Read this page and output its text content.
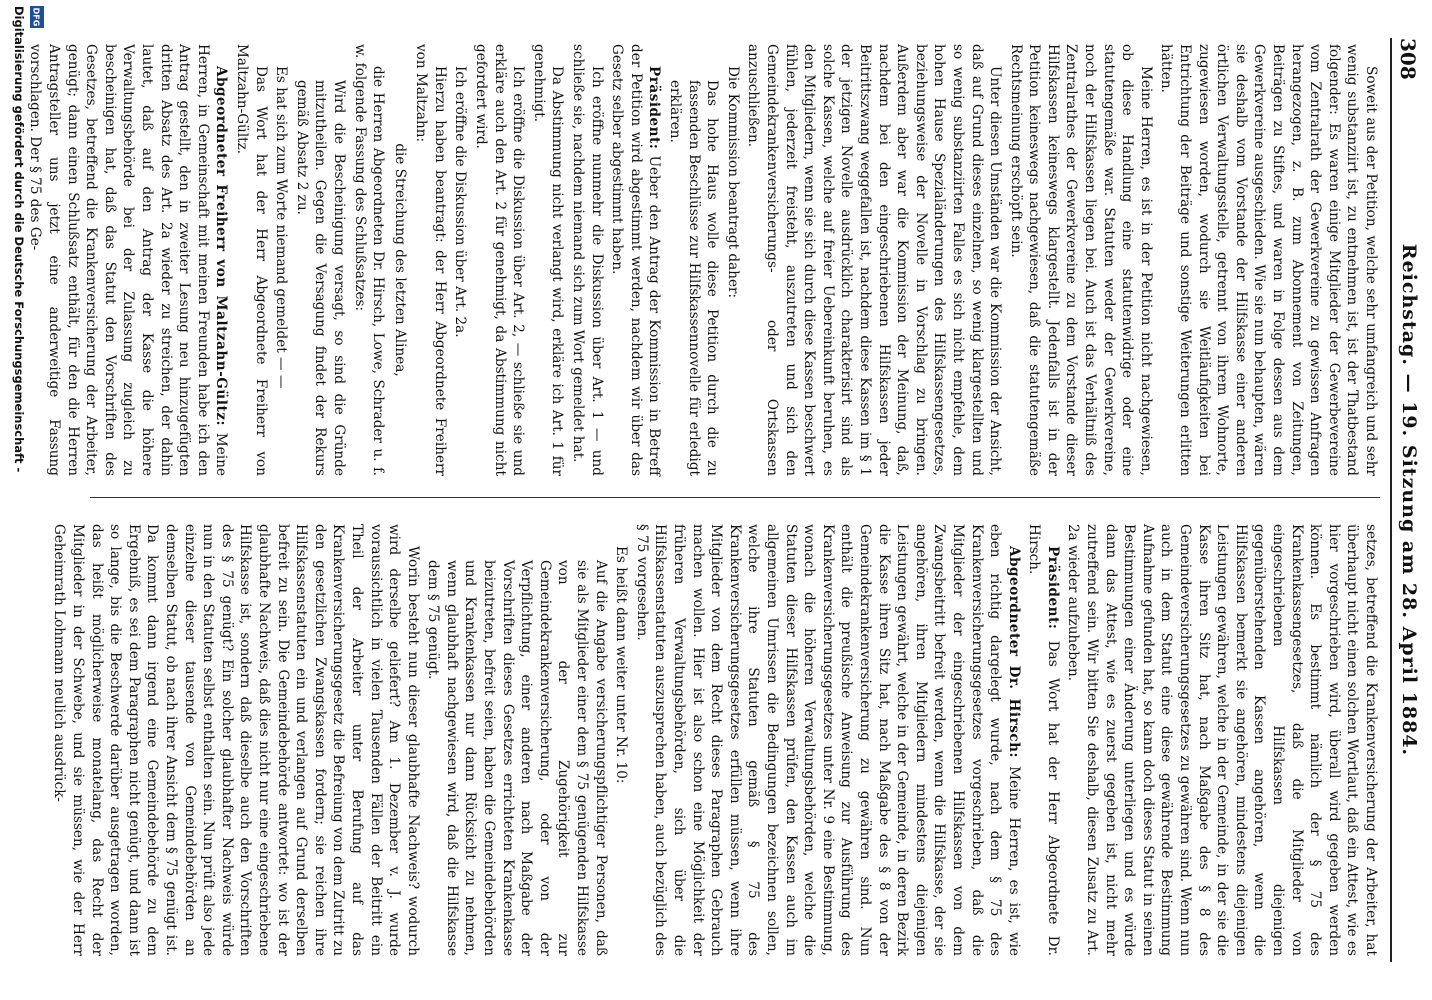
308
Reichstag. — 19. Sitzung am 28. April 1884.

Soweit aus der Petition, welche sehr umfangreich und sehr wenig substanziirt ist, zu entnehmen ist, ist der Thatbestand folgender: Es waren einige Mitglieder der Gewerbevereine vom Zentralrath der Gewerkvereine zu gewissen Anfragen herangezogen, z. B. zum Abonnement von Zeitungen, Beiträgen zu Stiftes, und waren in Folge dessen aus dem Gewerkvereine ausgeschieden. Wie sie nun behaupten, wären sie deshalb vom Vorstande der Hilfskasse einer anderen örtlichen Verwaltungsstelle, getrennt von ihrem Wohnorte, zugewiesen worden, wodurch sie Weitläufigkeiten bei Entrichtung der Beiträge und sonstige Weiterungen erlitten hätten.

Meine Herren, es ist in der Petition nicht nachgewiesen, ob diese Handlung eine statutenwidrige oder eine statutengemäße war. Statuten weder der Gewerkvereine, noch der Hilfskassen liegen bei. Auch ist das Verhältniß des Zentralrathes der Gewerkvereine zu dem Vorstande dieser Hilfskassen keineswegs klargestellt. Jedenfalls ist in der Petition keineswegs nachgewiesen, daß die statutengemäße Rechtsmeinung erschöpft sein.

Unter diesen Umständen war die Kommission der Ansicht, daß auf Grund dieses einzelnen, so wenig klargestellten und so wenig substanziirten Falles es sich nicht empfehle, dem hohen Hause Spezialänderungen des Hilfskassengesetzes, beziehungsweise der Novelle in Vorschlag zu bringen. Außerdem aber war die Kommission der Meinung, daß, nachdem bei den eingeschriebenen Hilfskassen jeder Beitrittszwang weggefallen ist, nachdem diese Kassen im § 1 der jetzigen Novelle ausdrücklich charakterisirt sind als solche Kassen, welche auf freier Uebereinkunft beruhen, es den Mitgliedern, wenn sie sich durch diese Kassen beschwert fühlen, jederzeit freisteht, auszutreten und sich den Gemeindekrankenversicherungs- oder Ortskassen anzuschließen.

Die Kommission beantragt daher:

Das hohe Haus wolle diese Petition durch die zu fassenden Beschlüsse zur Hilfskassennovelle für erledigt erklären.

Präsident: Ueber den Antrag der Kommission in Betreff der Petition wird abgestimmt werden, nachdem wir über das Gesetz selber abgestimmt haben.

Ich eröffne nunmehr die Diskussion über Art. 1 — und schließe sie, nachdem niemand sich zum Wort gemeldet hat.

Da Abstimmung nicht verlangt wird, erkläre ich Art. 1 für genehmigt.

Ich eröffne die Diskussion über Art. 2, — schließe sie und erkläre auch den Art. 2 für genehmigt, da Abstimmung nicht gefordert wird.

Ich eröffne die Diskussion über Art. 2a.

Hierzu haben beantragt: der Herr Abgeordnete Freiherr von Maltzahn:

die Streichung des letzten Alinea,

die Herren Abgeordneten Dr. Hirsch, Lowe, Schrader u. f. w. folgende Fassung des Schlußsatzes:

Wird die Bescheinigung versagt, so sind die Gründe mitzutheilen. Gegen die Versagung findet der Rekurs gemäß Absatz 2 zu.

Es hat sich zum Worte niemand gemeldet — —

Das Wort hat der Herr Abgeordnete Freiherr von Maltzahn-Gültz.

Abgeordneter Freiherr von Maltzahn-Gültz: Meine Herren, in Gemeinschaft mit meinen Freunden habe ich den Antrag gestellt, den in zweiter Lesung neu hinzugefügten dritten Absatz des Art. 2a wieder zu streichen, der dahin lautet, daß auf den Antrag der Kasse die höhere Verwaltungsbehörde bei der Zulassung zugleich zu bescheinigen hat, daß das Statut den Vorschriften des Gesetzes, betreffend die Krankenversicherung der Arbeiter, genügt; dann einen Schlußsatz enthält, für den die Herren Antragsteller uns jetzt eine anderweitige Fassung vorschlagen. Der § 75 des Ge-

setzes, betreffend die Krankenversicherung der Arbeiter, hat überhaupt nicht einen solchen Wortlaut, daß ein Attest, wie es hier vorgeschrieben wird, überall wird gegeben werden können. Es bestimmt nämlich der § 75 des Krankenkassengesetzes, daß die Mitglieder von eingeschriebenen Hilfskassen diejenigen gegenüberstehenden Kassen angehören, wenn die Hilfskassen bemerkt sie angehören, mindestens diejenigen Leistungen gewähren, welche in der Gemeinde, in der sie die Kasse ihren Sitz hat, nach Maßgabe des § 8 des Gemeindeversicherungsgesetzes zu gewähren sind. Wenn nun auch in dem Statut eine diese gewährende Bestimmung Aufnahme gefunden hat, so kann doch dieses Statut in seinen Bestimmungen einer Änderung unterliegen und es würde dann das Attest, wie es zuerst gegeben ist, nicht mehr zutreffend sein. Wir bitten Sie deshalb, diesen Zusatz zu Art. 2a wieder aufzuheben.

Präsident: Das Wort hat der Herr Abgeordnete Dr. Hirsch.

Abgeordneter Dr. Hirsch: Meine Herren, es ist, wie eben richtig dargelegt wurde, nach dem § 75 des Krankenversicherungsgesetzes vorgeschrieben, daß die Mitglieder der eingeschriebenen Hilfskassen von dem Zwangsbeitritt befreit werden, wenn die Hilfskasse, der sie angehören, ihren Mitgliedern mindestens diejenigen Leistungen gewährt, welche in der Gemeinde, in deren Bezirk die Kasse ihren Sitz hat, nach Maßgabe des § 8 von der Gemeindekrankenversicherung zu gewähren sind. Nun enthält die preußische Anweisung zur Ausführung des Krankenversicherungsgesetzes unter Nr. 9 eine Bestimmung, wonach die höheren Verwaltungsbehörden, welche die Statuten dieser Hilfskassen prüfen, den Kassen auch im allgemeinen Umrissen die Bedingungen bezeichnen sollen, welche ihre Statuten gemäß § 75 des Krankenversicherungsgesetzes erfüllen müssen, wenn ihre Mitglieder von dem Recht dieses Paragraphen Gebrauch machen wollen. Hier ist also schon eine Möglichkeit der früheren Verwaltungsbehörden, sich über die Hilfskassenstatuten auszusprechen haben, auch bezüglich des § 75 vorgesehen.

Es heißt dann weiter unter Nr. 10:

Auf die Angabe versicherungspflichtiger Personen, daß sie als Mitglieder einer dem § 75 genügenden Hilfskasse von der Zugehörigkeit zur Gemeindekrankenversicherung, oder von der Verpflichtung, einer anderen nach Maßgabe der Vorschriften dieses Gesetzes errichteten Krankenkasse beizutreten, befreit seien, haben die Gemeindebehörden und Krankenkassen nur dann Rücksicht zu nehmen, wenn glaubhaft nachgewiesen wird, daß die Hilfskasse dem § 75 genügt.

Worin besteht nun dieser glaubhafte Nachweis? wodurch wird derselbe geliefert? Am 1. Dezember v. J. wurde voraussichtlich in vielen Tausenden Fällen der Beitritt ein Theil der Arbeiter unter Berufung auf das Krankenversicherungsgesetz die Befreiung von dem Zutritt zu den gesetzlichen Zwangskassen fordern; sie reichen ihre Hilfskassenstatuten ein und verlangen auf Grund derselben befreit zu sein. Die Gemeindebehörde antwortet: wo ist der glaubhafte Nachweis, daß dies nicht nur eine eingeschriebene Hilfskasse ist, sondern daß dieselbe auch den Vorschriften des § 75 genügt? Ein solcher glaubhafter Nachweis würde nun in den Statuten selbst enthalten sein. Nun prüft also jede einzelne dieser tausende von Gemeindebehörden an demselben Statut, ob nach ihrer Ansicht dem § 75 genügt ist. Da kommt dann irgend eine Gemeindebehörde zu dem Ergebniß, es sei dem Paragraphen nicht genügt, und dann ist so lange, bis die Beschwerde darüber ausgetragen worden, das heißt möglicherweise monatelang, das Recht der Mitglieder in der Schwebe, und sie müssen, wie der Herr Geheimrath Lohmann neulich ausdrück-

DFG
Digitalisierung gefördert durch die Deutsche Forschungsgemeinschaft -
